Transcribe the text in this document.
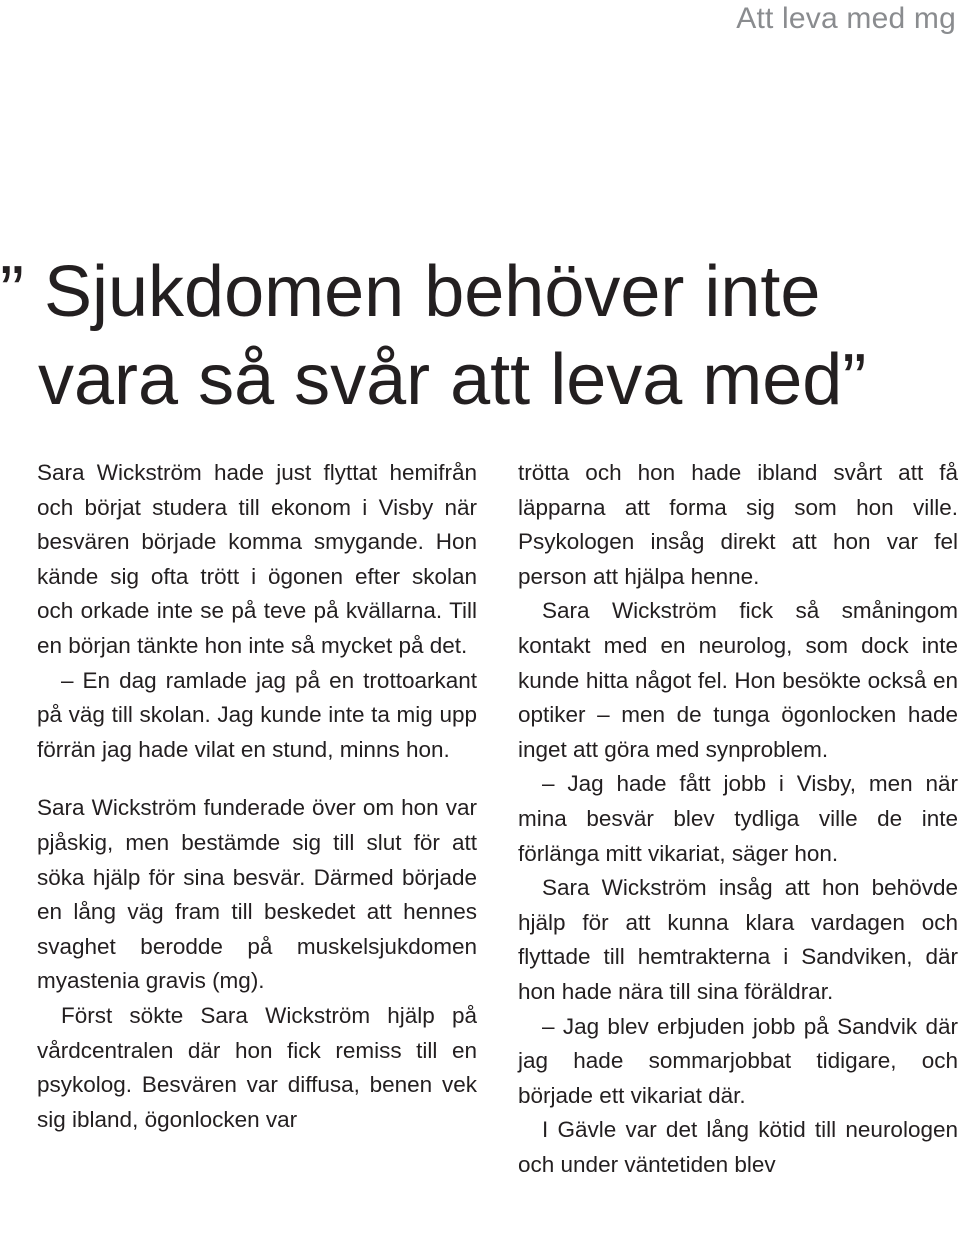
Att leva med mg
” Sjukdomen behöver inte
vara så svår att leva med”

Sara Wickström hade just flyttat hemifrån och börjat studera till ekonom i Visby när besvären började komma smygande. Hon kände sig ofta trött i ögonen efter skolan och orkade inte se på teve på kvällarna. Till en början tänkte hon inte så mycket på det.

– En dag ramlade jag på en trottoarkant på väg till skolan. Jag kunde inte ta mig upp förrän jag hade vilat en stund, minns hon.

Sara Wickström funderade över om hon var pjåskig, men bestämde sig till slut för att söka hjälp för sina besvär. Därmed började en lång väg fram till beskedet att hennes svaghet berodde på muskelsjukdomen myastenia gravis (mg).

Först sökte Sara Wickström hjälp på vårdcentralen där hon fick remiss till en psykolog. Besvären var diffusa, benen vek sig ibland, ögonlocken var

trötta och hon hade ibland svårt att få läpparna att forma sig som hon ville. Psykologen insåg direkt att hon var fel person att hjälpa henne.

Sara Wickström fick så småningom kontakt med en neurolog, som dock inte kunde hitta något fel. Hon besökte också en optiker – men de tunga ögonlocken hade inget att göra med synproblem.

– Jag hade fått jobb i Visby, men när mina besvär blev tydliga ville de inte förlänga mitt vikariat, säger hon.

Sara Wickström insåg att hon behövde hjälp för att kunna klara vardagen och flyttade till hemtrakterna i Sandviken, där hon hade nära till sina föräldrar.

– Jag blev erbjuden jobb på Sandvik där jag hade sommarjobbat tidigare, och började ett vikariat där.

I Gävle var det lång kötid till neurologen och under väntetiden blev
